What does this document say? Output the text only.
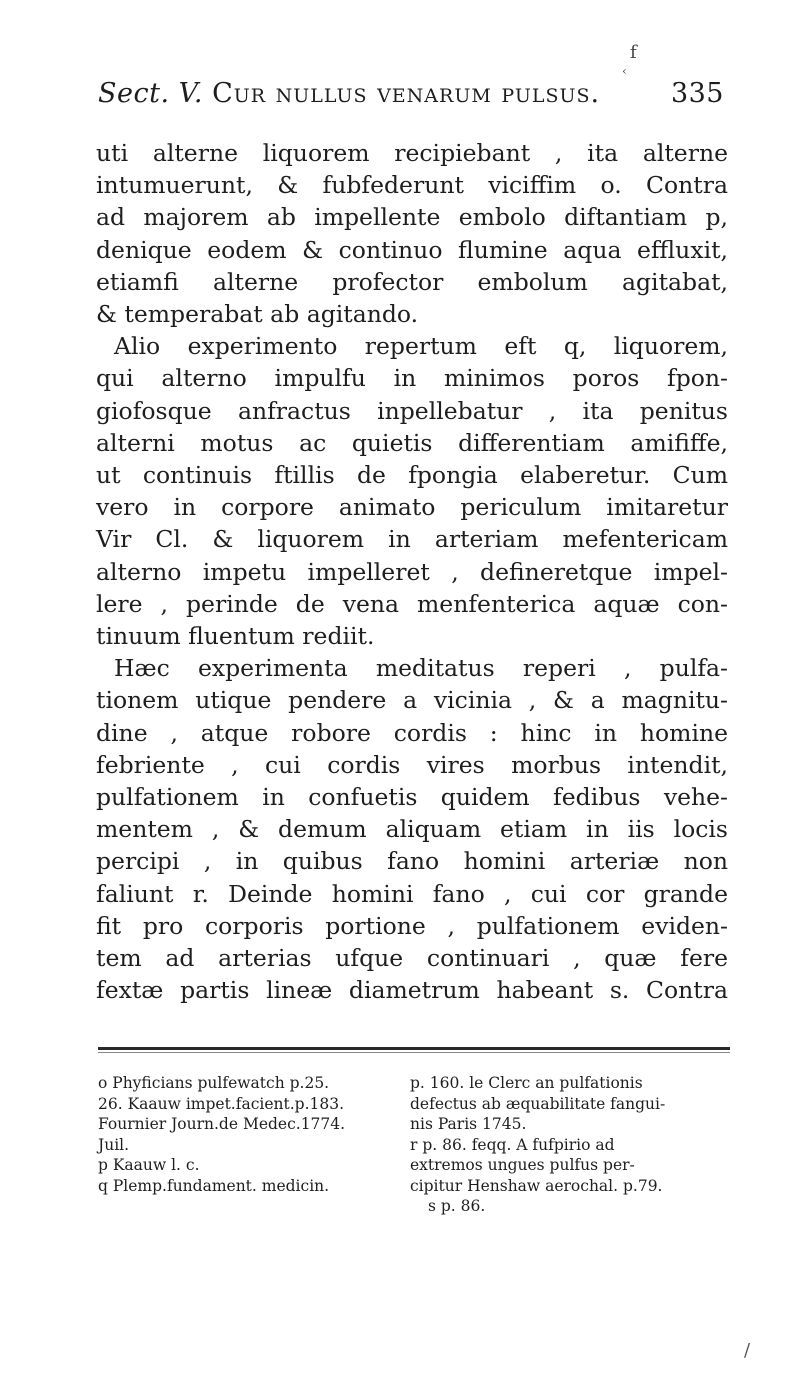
f
‹
Sect. V. Cur nullus venarum pulsus.	335
uti alterne liquorem recipiebant , ita alterne
intumuerunt, & fubfederunt viciffim o. Contra
ad majorem ab impellente embolo diftantiam p,
denique eodem & continuo flumine aqua effluxit,
etiamfi alterne profector embolum agitabat,
& temperabat ab agitando.
Alio experimento repertum eft q, liquorem,
qui alterno impulfu in minimos poros fpon-
giofosque anfractus inpellebatur , ita penitus
alterni motus ac quietis differentiam amififfe,
ut continuis ftillis de fpongia elaberetur. Cum
vero in corpore animato periculum imitaretur
Vir Cl. & liquorem in arteriam mefentericam
alterno impetu impelleret , defineretque impel-
lere , perinde de vena menfenterica aquæ con-
tinuum fluentum rediit.
Hæc experimenta meditatus reperi , pulfa-
tionem utique pendere a vicinia , & a magnitu-
dine , atque robore cordis : hinc in homine
febriente , cui cordis vires morbus intendit,
pulfationem in confuetis quidem fedibus vehe-
mentem , & demum aliquam etiam in iis locis
percipi , in quibus fano homini arteriæ non
faliunt r. Deinde homini fano , cui cor grande
fit pro corporis portione , pulfationem eviden-
tem ad arterias ufque continuari , quæ fere
fextæ partis lineæ diametrum habeant s. Contra
o Phyficians pulfewatch p.25.
26. Kaauw impet.facient.p.183.
Fournier Journ.de Medec.1774.
Juil.
p Kaauw l. c.
q Plemp.fundament. medicin.
p. 160. le Clerc an pulfationis
defectus ab æquabilitate fangui-
nis Paris 1745.
r p. 86. feqq. A fufpirio ad
extremos ungues pulfus per-
cipitur Henshaw aerochal. p.79.
s p. 86.
/
